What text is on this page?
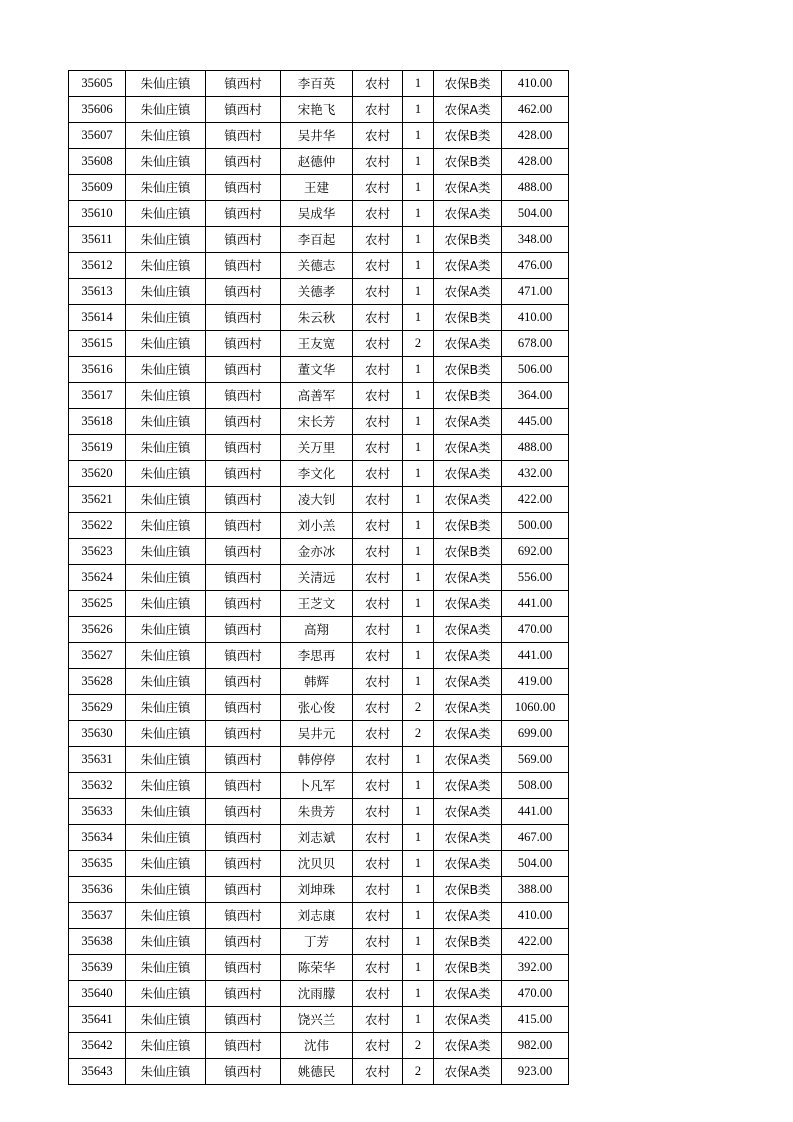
35605	朱仙庄镇	镇西村	李百英	农村	1	农保B类	410.00
35606	朱仙庄镇	镇西村	宋艳飞	农村	1	农保A类	462.00
35607	朱仙庄镇	镇西村	吴井华	农村	1	农保B类	428.00
35608	朱仙庄镇	镇西村	赵德仲	农村	1	农保B类	428.00
35609	朱仙庄镇	镇西村	王建	农村	1	农保A类	488.00
35610	朱仙庄镇	镇西村	吴成华	农村	1	农保A类	504.00
35611	朱仙庄镇	镇西村	李百起	农村	1	农保B类	348.00
35612	朱仙庄镇	镇西村	关德志	农村	1	农保A类	476.00
35613	朱仙庄镇	镇西村	关德孝	农村	1	农保A类	471.00
35614	朱仙庄镇	镇西村	朱云秋	农村	1	农保B类	410.00
35615	朱仙庄镇	镇西村	王友宽	农村	2	农保A类	678.00
35616	朱仙庄镇	镇西村	董文华	农村	1	农保B类	506.00
35617	朱仙庄镇	镇西村	高善军	农村	1	农保B类	364.00
35618	朱仙庄镇	镇西村	宋长芳	农村	1	农保A类	445.00
35619	朱仙庄镇	镇西村	关万里	农村	1	农保A类	488.00
35620	朱仙庄镇	镇西村	李文化	农村	1	农保A类	432.00
35621	朱仙庄镇	镇西村	凌大钊	农村	1	农保A类	422.00
35622	朱仙庄镇	镇西村	刘小羔	农村	1	农保B类	500.00
35623	朱仙庄镇	镇西村	金亦冰	农村	1	农保B类	692.00
35624	朱仙庄镇	镇西村	关清远	农村	1	农保A类	556.00
35625	朱仙庄镇	镇西村	王芝文	农村	1	农保A类	441.00
35626	朱仙庄镇	镇西村	高翔	农村	1	农保A类	470.00
35627	朱仙庄镇	镇西村	李思再	农村	1	农保A类	441.00
35628	朱仙庄镇	镇西村	韩辉	农村	1	农保A类	419.00
35629	朱仙庄镇	镇西村	张心俊	农村	2	农保A类	1060.00
35630	朱仙庄镇	镇西村	吴井元	农村	2	农保A类	699.00
35631	朱仙庄镇	镇西村	韩停停	农村	1	农保A类	569.00
35632	朱仙庄镇	镇西村	卜凡军	农村	1	农保A类	508.00
35633	朱仙庄镇	镇西村	朱贵芳	农村	1	农保A类	441.00
35634	朱仙庄镇	镇西村	刘志斌	农村	1	农保A类	467.00
35635	朱仙庄镇	镇西村	沈贝贝	农村	1	农保A类	504.00
35636	朱仙庄镇	镇西村	刘坤珠	农村	1	农保B类	388.00
35637	朱仙庄镇	镇西村	刘志康	农村	1	农保A类	410.00
35638	朱仙庄镇	镇西村	丁芳	农村	1	农保B类	422.00
35639	朱仙庄镇	镇西村	陈荣华	农村	1	农保B类	392.00
35640	朱仙庄镇	镇西村	沈雨朦	农村	1	农保A类	470.00
35641	朱仙庄镇	镇西村	饶兴兰	农村	1	农保A类	415.00
35642	朱仙庄镇	镇西村	沈伟	农村	2	农保A类	982.00
35643	朱仙庄镇	镇西村	姚德民	农村	2	农保A类	923.00
